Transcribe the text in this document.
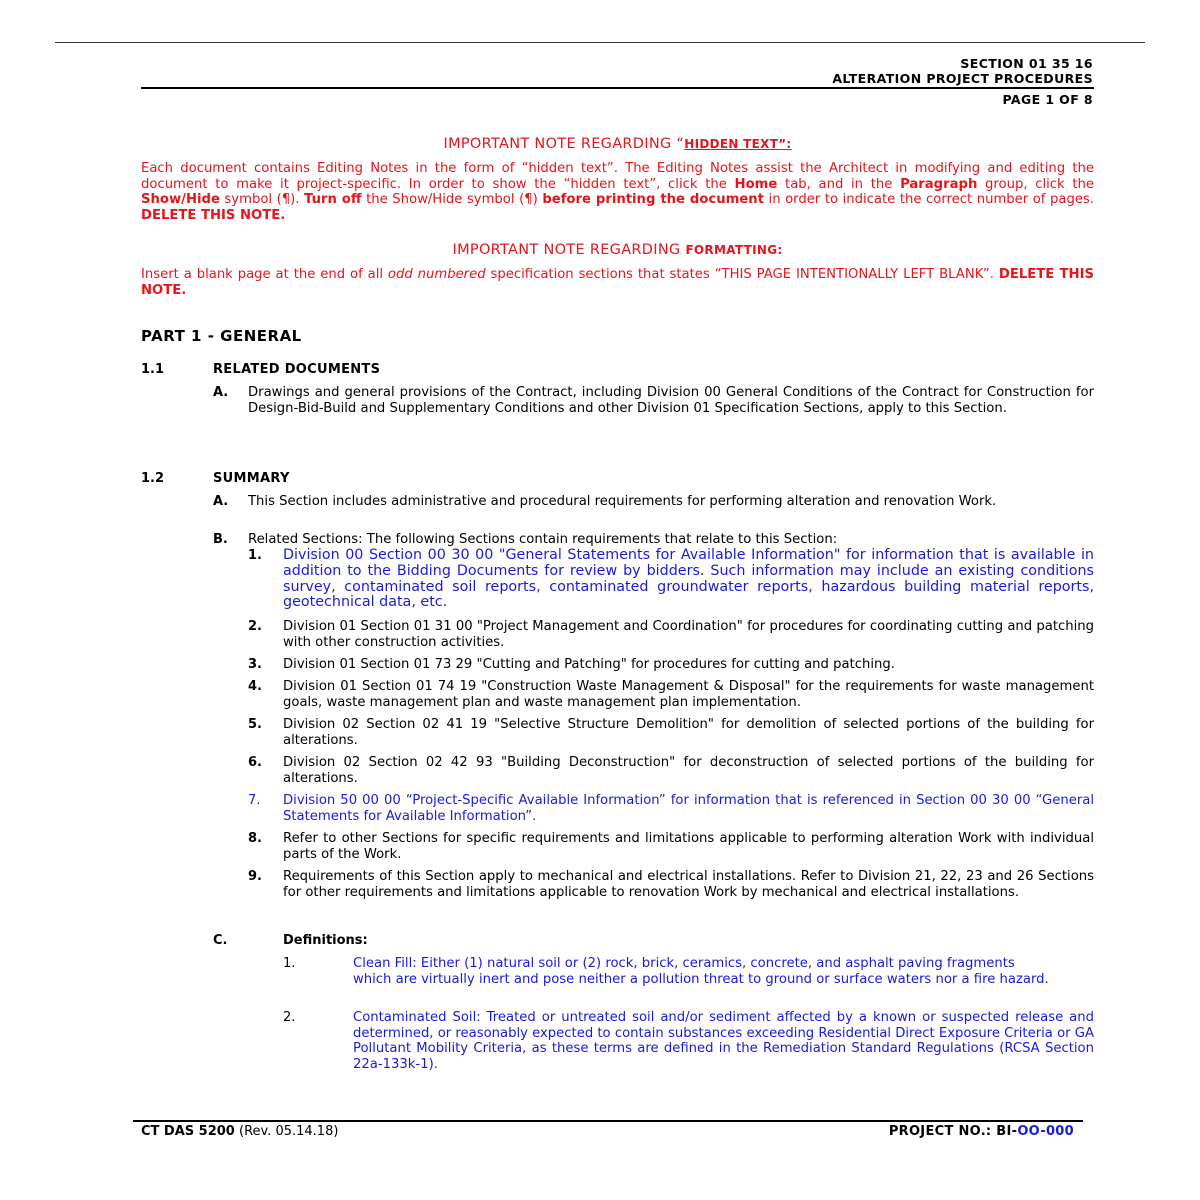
SECTION 01 35 16
ALTERATION PROJECT PROCEDURES
PAGE 1 OF 8
IMPORTANT NOTE REGARDING “HIDDEN TEXT”:
Each document contains Editing Notes in the form of “hidden text”. The Editing Notes assist the Architect in modifying and editing the document to make it project-specific. In order to show the “hidden text”, click the Home tab, and in the Paragraph group, click the Show/Hide symbol (¶). Turn off the Show/Hide symbol (¶) before printing the document in order to indicate the correct number of pages. DELETE THIS NOTE.
IMPORTANT NOTE REGARDING FORMATTING:
Insert a blank page at the end of all odd numbered specification sections that states “THIS PAGE INTENTIONALLY LEFT BLANK”. DELETE THIS NOTE.
PART 1 - GENERAL
1.1	RELATED DOCUMENTS
A. Drawings and general provisions of the Contract, including Division 00 General Conditions of the Contract for Construction for Design-Bid-Build and Supplementary Conditions and other Division 01 Specification Sections, apply to this Section.
1.2	SUMMARY
A. This Section includes administrative and procedural requirements for performing alteration and renovation Work.
B. Related Sections: The following Sections contain requirements that relate to this Section:
1. Division 00 Section 00 30 00 "General Statements for Available Information" for information that is available in addition to the Bidding Documents for review by bidders. Such information may include an existing conditions survey, contaminated soil reports, contaminated groundwater reports, hazardous building material reports, geotechnical data, etc.
2. Division 01 Section 01 31 00 "Project Management and Coordination" for procedures for coordinating cutting and patching with other construction activities.
3. Division 01 Section 01 73 29 "Cutting and Patching" for procedures for cutting and patching.
4. Division 01 Section 01 74 19 "Construction Waste Management & Disposal" for the requirements for waste management goals, waste management plan and waste management plan implementation.
5. Division 02 Section 02 41 19 "Selective Structure Demolition" for demolition of selected portions of the building for alterations.
6. Division 02 Section 02 42 93 "Building Deconstruction" for deconstruction of selected portions of the building for alterations.
7. Division 50 00 00 “Project-Specific Available Information” for information that is referenced in Section 00 30 00 “General Statements for Available Information”.
8. Refer to other Sections for specific requirements and limitations applicable to performing alteration Work with individual parts of the Work.
9. Requirements of this Section apply to mechanical and electrical installations. Refer to Division 21, 22, 23 and 26 Sections for other requirements and limitations applicable to renovation Work by mechanical and electrical installations.
C.	Definitions:
1.	Clean Fill: Either (1) natural soil or (2) rock, brick, ceramics, concrete, and asphalt paving fragments which are virtually inert and pose neither a pollution threat to ground or surface waters nor a fire hazard.
2.	Contaminated Soil: Treated or untreated soil and/or sediment affected by a known or suspected release and determined, or reasonably expected to contain substances exceeding Residential Direct Exposure Criteria or GA Pollutant Mobility Criteria, as these terms are defined in the Remediation Standard Regulations (RCSA Section 22a-133k-1).
CT DAS 5200 (Rev. 05.14.18)	PROJECT NO.: BI-OO-000
